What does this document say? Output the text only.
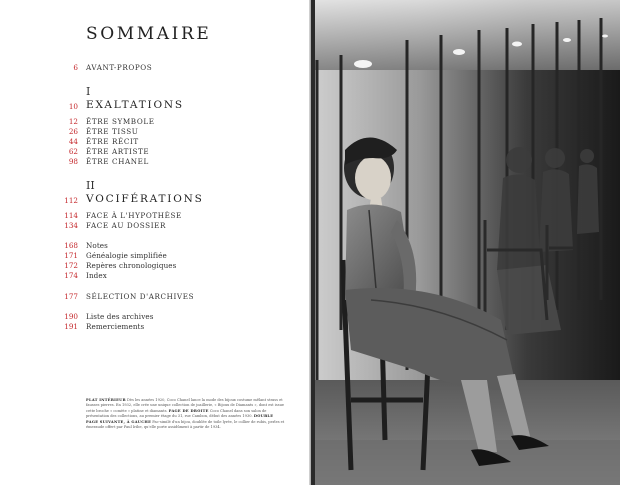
SOMMAIRE
6 AVANT-PROPOS
I
10 EXALTATIONS
12 ÊTRE SYMBOLE
26 ÊTRE TISSU
44 ÊTRE RÉCIT
62 ÊTRE ARTISTE
98 ÊTRE CHANEL
II
112 VOCIFÉRATIONS
114 FACE À L'HYPOTHÈSE
134 FACE AU DOSSIER
168 Notes
171 Généalogie simplifiée
172 Repères chronologiques
174 Index
177 SÉLECTION D'ARCHIVES
190 Liste des archives
191 Remerciements
PLAT INTÉRIEUR Dès les années 1920, Coco Chanel lance la mode des bijoux costume mêlant strass et fausses pierres. En 1932, elle crée une unique collection de joaillerie, « Bijoux de Diamants », dont est issue cette broche « comète » platine et diamants. PAGE DE DROITE Coco Chanel dans son salon de présentation des collections, au premier étage du 31, rue Cambon, début des années 1930. DOUBLE PAGE SUIVANTE, À GAUCHE Fac-similé d'un bijou, doublée de toile lyrée, le collier de rubis, perles et émeraude offert par Paul Iribe, qu'elle porte assidûment à partir de 1934.
